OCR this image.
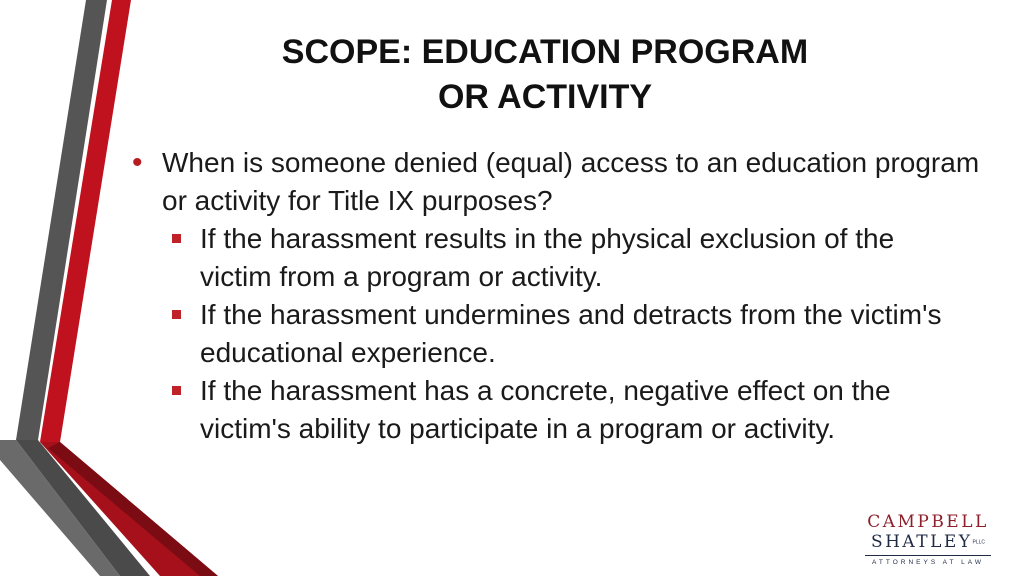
SCOPE: EDUCATION PROGRAM
OR ACTIVITY
• When is someone denied (equal) access to an education program or activity for Title IX purposes?
If the harassment results in the physical exclusion of the victim from a program or activity.
If the harassment undermines and detracts from the victim's educational experience.
If the harassment has a concrete, negative effect on the victim's ability to participate in a program or activity.
CAMPBELL
SHATLEYPLLC
ATTORNEYS AT LAW
